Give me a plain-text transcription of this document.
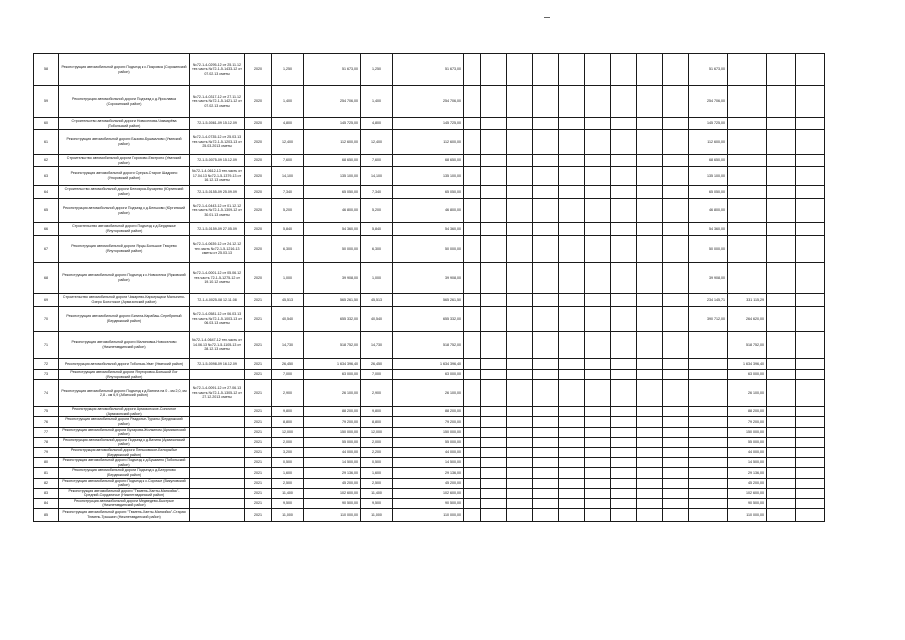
58	Реконструкция автомобильной дороги Подъезд к с.Покровка (Сорокинский район)	№72-1-4-0295-12 от 25.11.12 тех.часть №72-1-5-1433-12 от 07.02.13 сметы	2020	1,250	51 673,00	1,250	51 673,00										51 673,00			
59	Реконструкция автомобильной дороги Подъезд к д.Ярославка (Сорокинский район)	№72-1-4-0317-12 от 27.11.12 тех.часть №72-1-5-1421-12 от 07.02.13 сметы	2020	1,400	254 706,00	1,400	254 706,00										254 706,00			
60	Строительство автомобильной дороги Новоселова-Чикмарёва (Тобольский район)	72-1-5-0061-09 15.12.09	2020	4,800	145 725,00	4,800	145 725,00										145 725,00			
61	Реконструкция автомобильной дороги Бызово-Бушмалово (Уватский район)	№72-1-4-0735-12 от 25.03.13 тех.часть №72-1-5-1203-13 от 25.03.2013 сметы	2020	12,400	112 600,00	12,400	112 600,00										112 600,00			
62	Строительство автомобильной дороги Горохово-Евстропо (Уватский район)	72-1-5-0075-09 15.12.09	2020	7,600	68 650,00	7,600	68 650,00										68 650,00			
63	Реконструкция автомобильной дороги Суерка-Старое Шадрино (Упоровский район)	№72-1-4-0612-13 тех.часть от 17.04.13 №72-1-5-1379-13 от 16.12.13 сметы	2020	14,100	135 100,00	14,100	135 100,00										135 100,00			
64	Строительство автомобильной дороги Белоярка-Бучарево (Юргинский район)	72-1-5-0155-09 25.09.09	2020	7,340	65 050,00	7,340	65 050,00										65 050,00			
65	Реконструкция автомобильной дороги Подъезд к д.Бельково (Юргинский район)	№72-1-4-0443-12 от 01.12.12 тех.часть №72-1-5-1309-12 от 30.01.13 сметы	2020	5,200	46 800,00	5,200	46 800,00										46 800,00			
66	Строительство автомобильной дороги Подъезд к д.Бердюжье (Ялуторовский район)	72-1-5-0159-09 27.05.09	2020	5,840	54 360,00	5,840	54 360,00										54 360,00			
67	Реконструкция автомобильной дороги Ярцы-Большое Тюкуево (Ялуторовский район)	№72-1-4-0639-12 от 24.12.12 тех.часть №72-1-5-1216-13 сметы от 25.03.13	2020	6,300	50 000,00	6,300	50 000,00										50 000,00			
68	Реконструкция автомобильной дороги Подъезд к с.Новоселка (Ярковский район)	№72-1-4-0001-12 от 05.06.12 тех.часть 72-1-5-1275-12 от 19.10.12 сметы	2020	1,000	39 908,00	1,000	39 908,00										39 908,00			
69	Строительство автомобильной дороги Чикарево-Карьерщики Малыгино-Озеро Болотское (Армизонский район)	72-1-4-0025-08 12.11.08	2021	45,513	565 261,50	45,513	565 261,50										234 145,71	331 115,29		
70	Реконструкция автомобильной дороги Бигила-Карабаш-Серебряный (Бердюжский район)	№72-1-4-0581-12 от 06.03.13 тех.часть №72-1-5-1003-13 от 06.03.13 сметы	2021	40,540	655 332,00	40,540	655 332,00										390 712,00	264 620,00		
71	Реконструкция автомобильной дороги Малиновка-Новоселово (Нижнетавдинский район)	№72-1-4-0647-12 тех.часть от 14.06.13 №72-1-5-1105-13 от 28.12.13 сметы	2021	14,730	518 752,00	14,730	518 752,00											518 752,00		
72	Реконструкция автомобильной дороги Тобольск-Уват (Уватский район)	72-1-5-0098-09 16.12.09	2021	26,450	1 634 396,40	26,450	1 634 396,40											1 634 396,40		
73	Реконструкция автомобильной дороги Ялуторовск-Большой Лог (Ялуторовский район)		2021	7,000	63 000,00	7,000	63 000,00											63 000,00		
74	Реконструкция автомобильной дороги Подъезд к д.Ватина на 0 - км 2,0, км 2,8 - км 6,9 (Абатский район)	№72-1-4-0091-12 от 27.06.13 тех.часть №72-1-5-1305-12 от 27.12.2013 сметы	2021	2,900	26 100,00	2,900	26 100,00											26 100,00		
75	Реконструкция автомобильной дороги Армизонское-Сопочное (Армизонский район)		2021	9,800	88 200,00	9,800	88 200,00											88 200,00		
76	Реконструкция автомобильной дороги Раздолье-Туралы (Бердюжский район)		2021	8,800	79 200,00	8,800	79 200,00											79 200,00		
77	Реконструкция автомобильной дороги Бухарова-Жилкином (Армизонский район)		2021	12,000	150 000,00	12,000	150 000,00											150 000,00		
78	Реконструкция автомобильной дороги Подъезд к д.Ватина (Армизонский район)		2021	2,000	55 000,00	2,000	55 000,00											55 000,00		
79	Реконструкция автомобильной дороги Пеньковское-Белорыбье (Бердюжский район)		2021	3,200	44 000,00	2,200	44 000,00											44 000,00		
80	Реконструкция автомобильной дороги Подъезд к д.Бушмино (Тобольский район)		2021	0,500	14 500,00	0,500	14 500,00											14 500,00		
81	Реконструкция автомобильной дороги Подъезд к д.Батурлово (Бердюжский район)		2021	1,600	29 136,00	1,600	29 136,00											29 136,00		
82	Реконструкция автомобильной дороги Подъезд к с.Сорочье (Викуловский район)		2021	2,500	45 200,00	2,500	45 200,00											45 200,00		
83	Реконструкция автомобильной дороги "Тюмень-Ханты-Мансийск"-Средний-Сорданичье (Нижнетавдинский район)		2021	11,400	102 600,00	11,400	102 600,00											102 600,00		
84	Реконструкция автомобильной дороги Медведево-Быстрые (Нижнетавдинский район)		2021	9,500	90 500,00	9,500	90 500,00											90 500,00		
85	Реконструкция автомобильной дороги "Тюмень-Ханты-Мансийск"-Старая Тюмень-Трышкин (Нижнетавдинский район)		2021	11,000	110 000,00	11,000	110 000,00											110 000,00		
